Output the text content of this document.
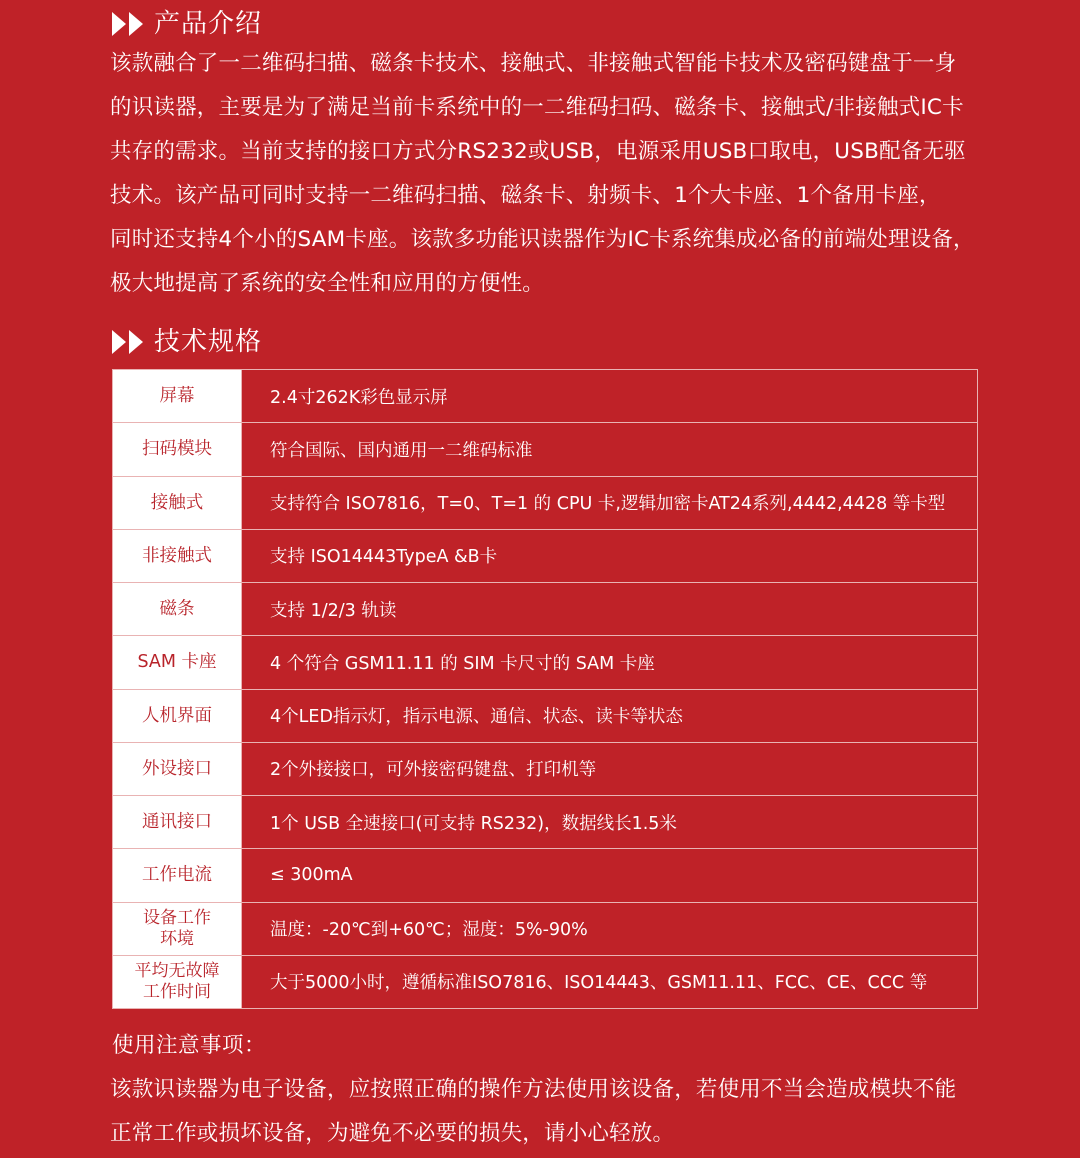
产品介绍
该款融合了一二维码扫描、磁条卡技术、接触式、非接触式智能卡技术及密码键盘于一身
的识读器，主要是为了满足当前卡系统中的一二维码扫码、磁条卡、接触式/非接触式IC卡
共存的需求。当前支持的接口方式分RS232或USB，电源采用USB口取电，USB配备无驱
技术。该产品可同时支持一二维码扫描、磁条卡、射频卡、1个大卡座、1个备用卡座，
同时还支持4个小的SAM卡座。该款多功能识读器作为IC卡系统集成必备的前端处理设备，
极大地提高了系统的安全性和应用的方便性。
技术规格
屏幕	2.4寸262K彩色显示屏
扫码模块	符合国际、国内通用一二维码标准
接触式	支持符合 ISO7816，T=0、T=1 的 CPU 卡,逻辑加密卡AT24系列,4442,4428 等卡型
非接触式	支持 ISO14443TypeA &B卡
磁条	支持 1/2/3 轨读
SAM 卡座	4 个符合 GSM11.11 的 SIM 卡尺寸的 SAM 卡座
人机界面	4个LED指示灯，指示电源、通信、状态、读卡等状态
外设接口	2个外接接口，可外接密码键盘、打印机等
通讯接口	1个 USB 全速接口(可支持 RS232)，数据线长1.5米
工作电流	≤ 300mA

设备工作
环境	温度：-20℃到+60℃；湿度：5%-90%

平均无故障
工作时间	大于5000小时，遵循标准ISO7816、ISO14443、GSM11.11、FCC、CE、CCC 等
使用注意事项：
该款识读器为电子设备，应按照正确的操作方法使用该设备，若使用不当会造成模块不能
正常工作或损坏设备，为避免不必要的损失，请小心轻放。
